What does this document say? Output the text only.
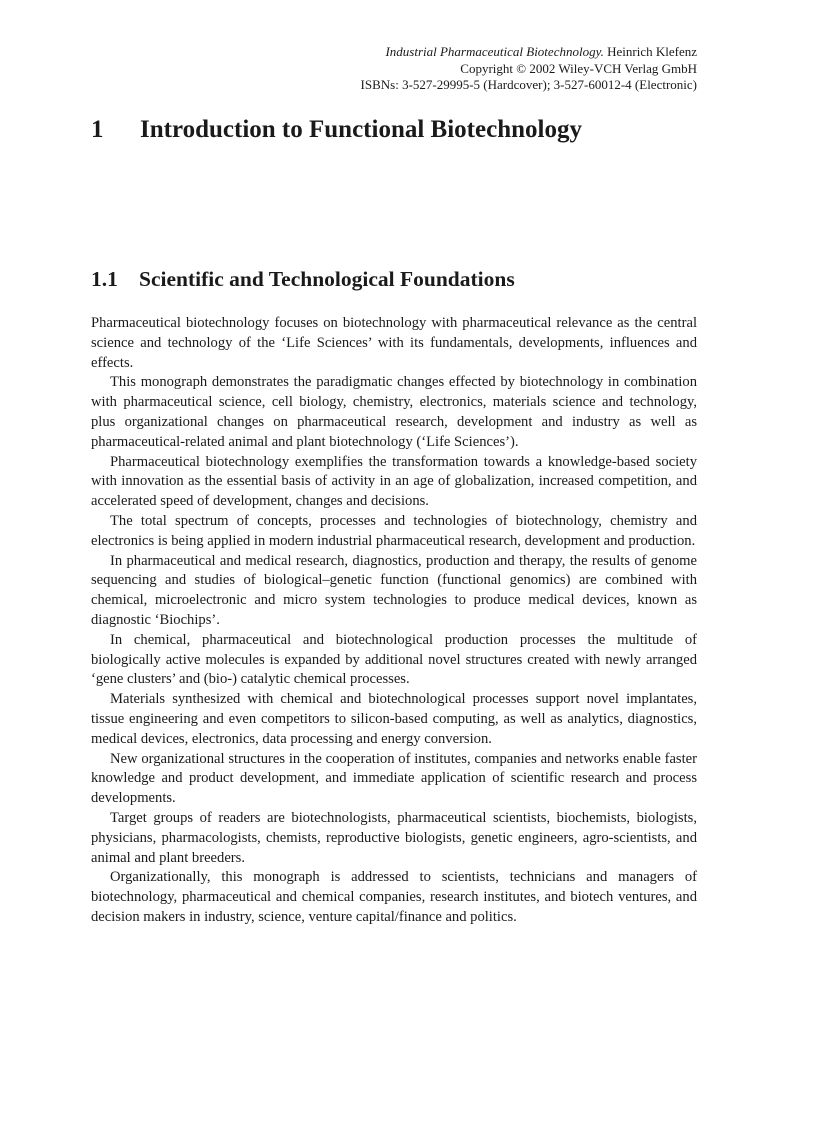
Industrial Pharmaceutical Biotechnology. Heinrich Klefenz
Copyright © 2002 Wiley-VCH Verlag GmbH
ISBNs: 3-527-29995-5 (Hardcover); 3-527-60012-4 (Electronic)
1 Introduction to Functional Biotechnology
1.1 Scientific and Technological Foundations

Pharmaceutical biotechnology focuses on biotechnology with pharmaceutical relevance as the central science and technology of the ‘Life Sciences’ with its fundamentals, developments, influences and effects.

This monograph demonstrates the paradigmatic changes effected by biotechnology in combination with pharmaceutical science, cell biology, chemistry, electronics, materials science and technology, plus organizational changes on pharmaceutical research, development and industry as well as pharmaceutical-related animal and plant biotechnology (‘Life Sciences’).

Pharmaceutical biotechnology exemplifies the transformation towards a knowledge-based society with innovation as the essential basis of activity in an age of globalization, increased competition, and accelerated speed of development, changes and decisions.

The total spectrum of concepts, processes and technologies of biotechnology, chemistry and electronics is being applied in modern industrial pharmaceutical research, development and production.

In pharmaceutical and medical research, diagnostics, production and therapy, the results of genome sequencing and studies of biological–genetic function (functional genomics) are combined with chemical, microelectronic and micro system technologies to produce medical devices, known as diagnostic ‘Biochips’.

In chemical, pharmaceutical and biotechnological production processes the multitude of biologically active molecules is expanded by additional novel structures created with newly arranged ‘gene clusters’ and (bio-) catalytic chemical processes.

Materials synthesized with chemical and biotechnological processes support novel implantates, tissue engineering and even competitors to silicon-based computing, as well as analytics, diagnostics, medical devices, electronics, data processing and energy conversion.

New organizational structures in the cooperation of institutes, companies and networks enable faster knowledge and product development, and immediate application of scientific research and process developments.

Target groups of readers are biotechnologists, pharmaceutical scientists, biochemists, biologists, physicians, pharmacologists, chemists, reproductive biologists, genetic engineers, agro-scientists, and animal and plant breeders.

Organizationally, this monograph is addressed to scientists, technicians and managers of biotechnology, pharmaceutical and chemical companies, research institutes, and biotech ventures, and decision makers in industry, science, venture capital/finance and politics.
